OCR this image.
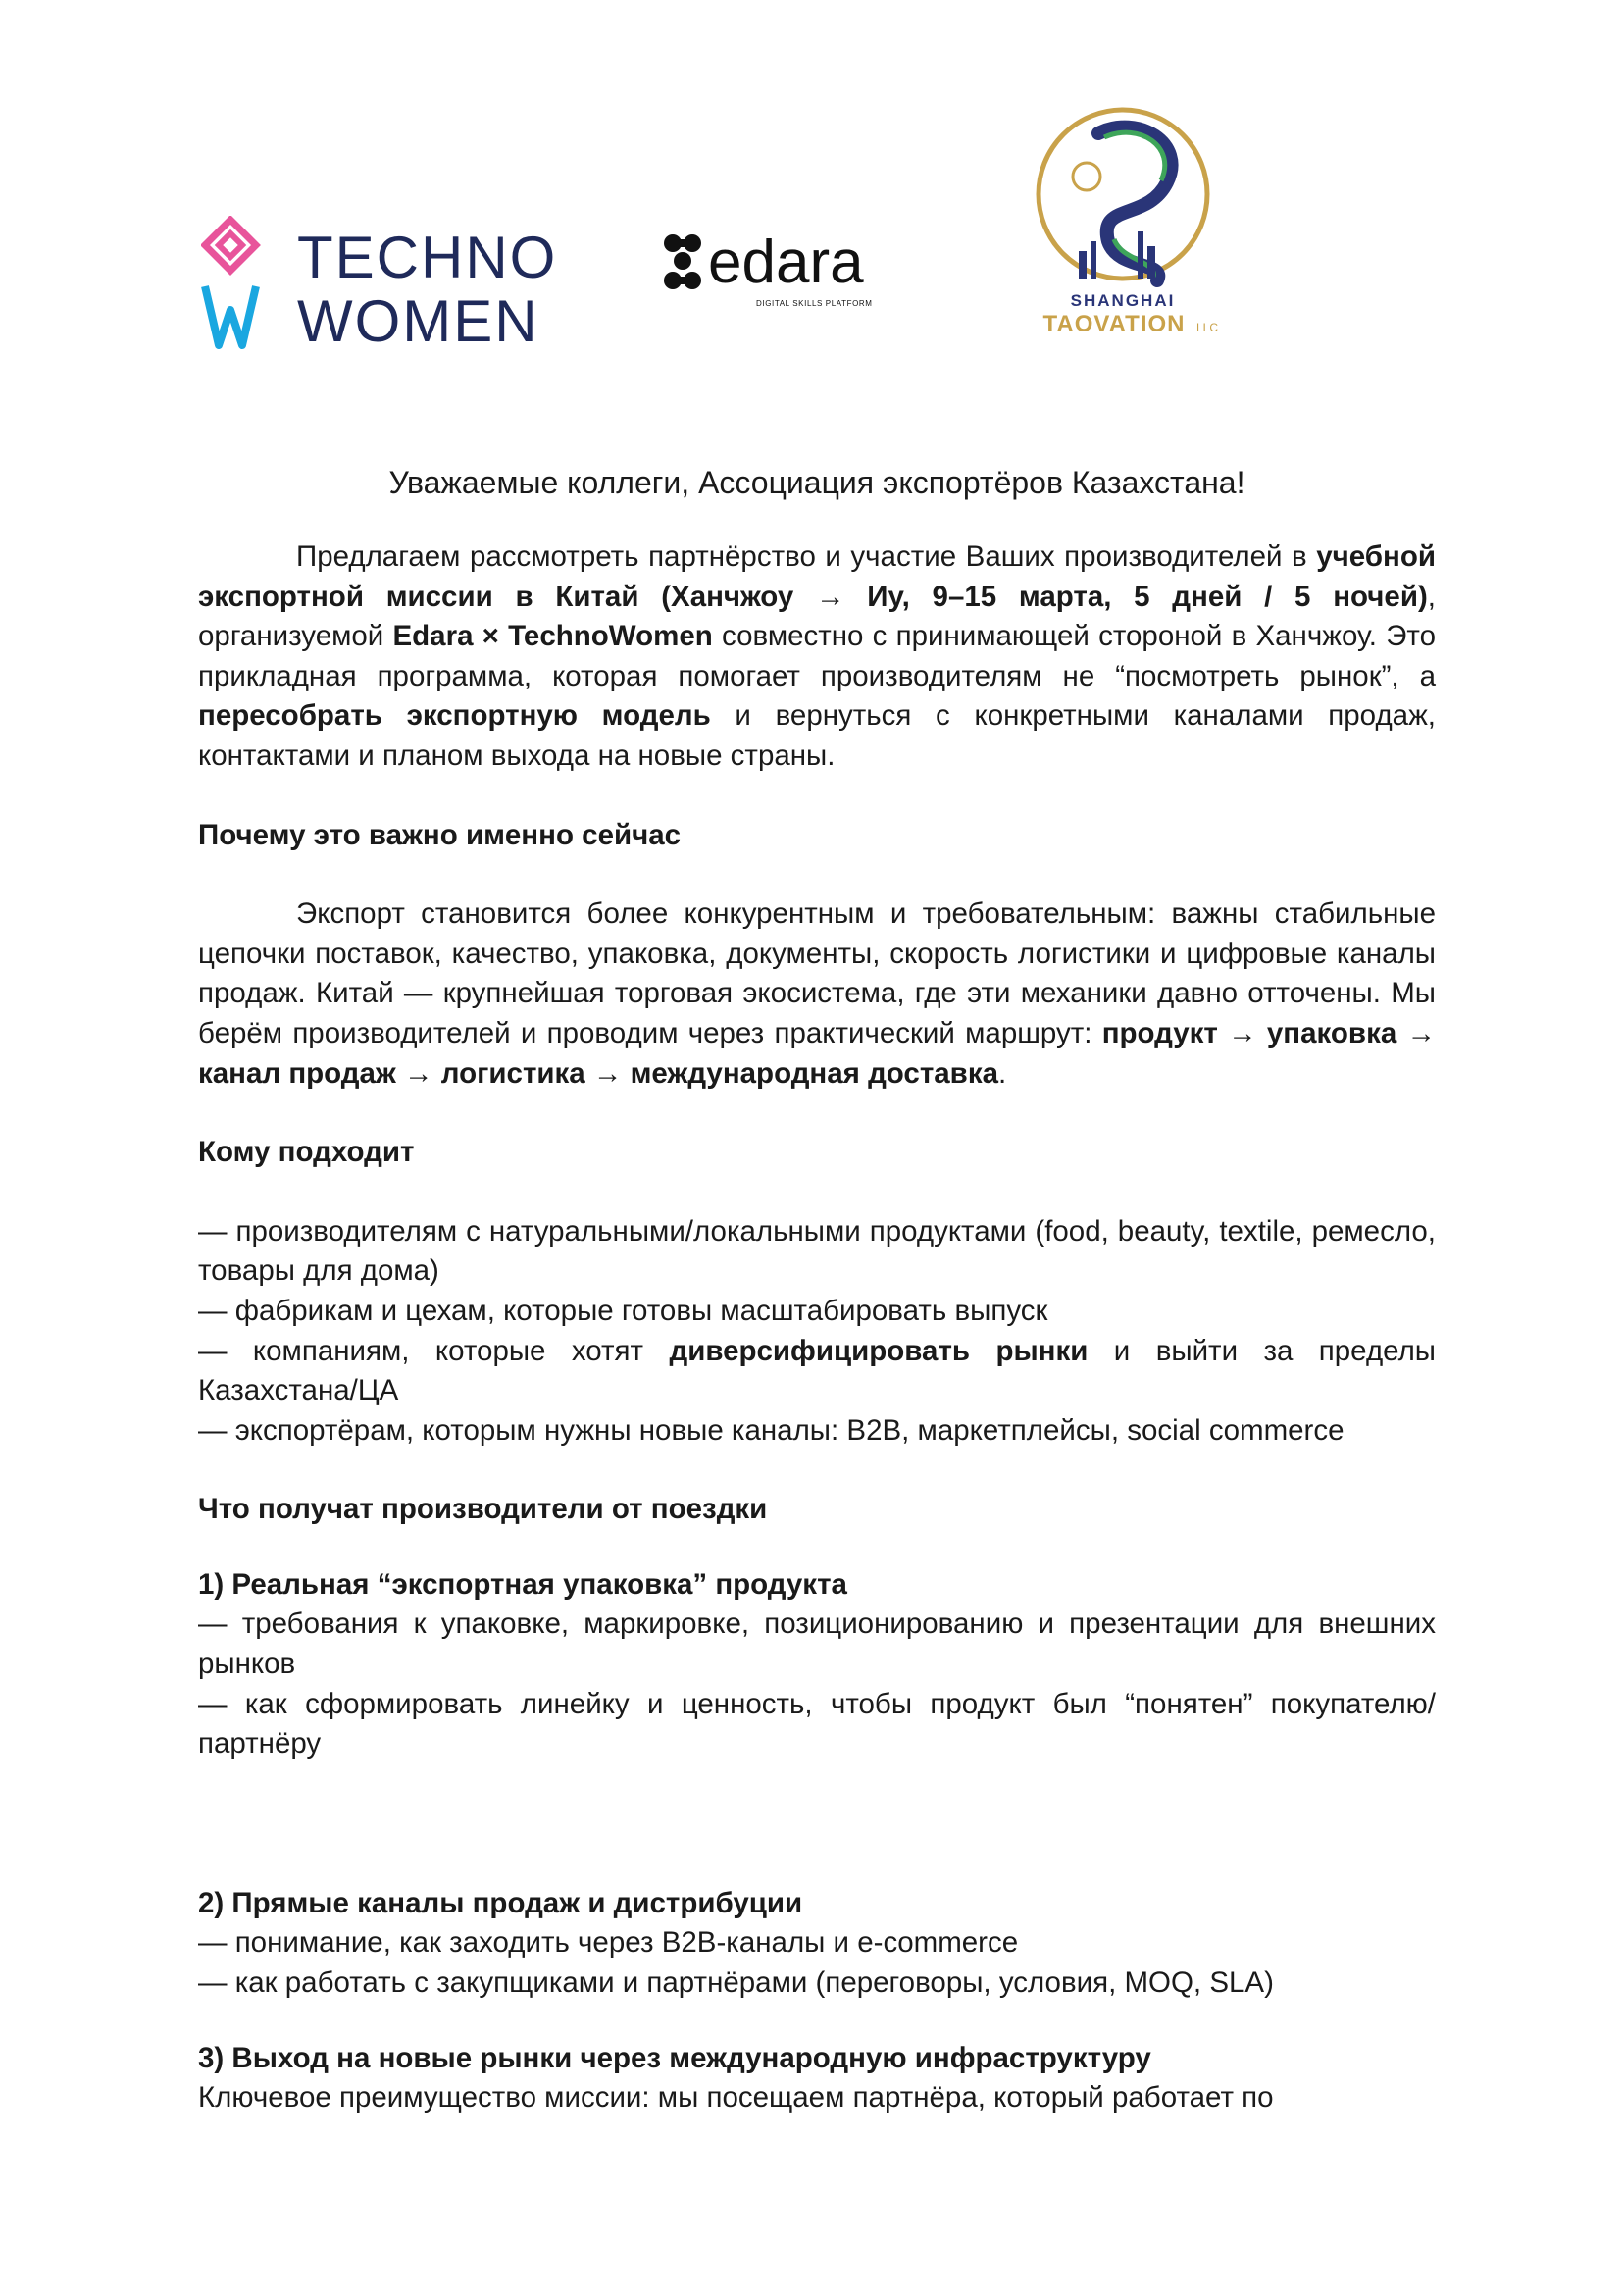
TECHNO
WOMEN
edara
DIGITAL SKILLS PLATFORM	SHANGHAI
TAOVATION LLC
Уважаемые коллеги, Ассоциация экспортёров Казахстана!

Предлагаем рассмотреть партнёрство и участие Ваших производителей в учебной экспортной миссии в Китай (Ханчжоу → Иу, 9–15 марта, 5 дней / 5 ночей), организуемой Edara × TechnoWomen совместно с принимающей стороной в Ханчжоу. Это прикладная программа, которая помогает производителям не “посмотреть рынок”, а пересобрать экспортную модель и вернуться с конкретными каналами продаж, контактами и планом выхода на новые страны.

Почему это важно именно сейчас

Экспорт становится более конкурентным и требовательным: важны стабильные цепочки поставок, качество, упаковка, документы, скорость логистики и цифровые каналы продаж. Китай — крупнейшая торговая экосистема, где эти механики давно отточены. Мы берём производителей и проводим через практический маршрут: продукт → упаковка → канал продаж → логистика → международная доставка.

Кому подходит

— производителям с натуральными/локальными продуктами (food, beauty, textile, ремесло, товары для дома)

— фабрикам и цехам, которые готовы масштабировать выпуск

— компаниям, которые хотят диверсифицировать рынки и выйти за пределы Казахстана/ЦА

— экспортёрам, которым нужны новые каналы: B2B, маркетплейсы, social commerce

Что получат производители от поездки
1) Реальная “экспортная упаковка” продукта

— требования к упаковке, маркировке, позиционированию и презентации для внешних рынков

— как сформировать линейку и ценность, чтобы продукт был “понятен” покупателю/партнёру

2) Прямые каналы продаж и дистрибуции

— понимание, как заходить через B2B-каналы и e-commerce

— как работать с закупщиками и партнёрами (переговоры, условия, MOQ, SLA)

3) Выход на новые рынки через международную инфраструктуру

Ключевое преимущество миссии: мы посещаем партнёра, который работает по
